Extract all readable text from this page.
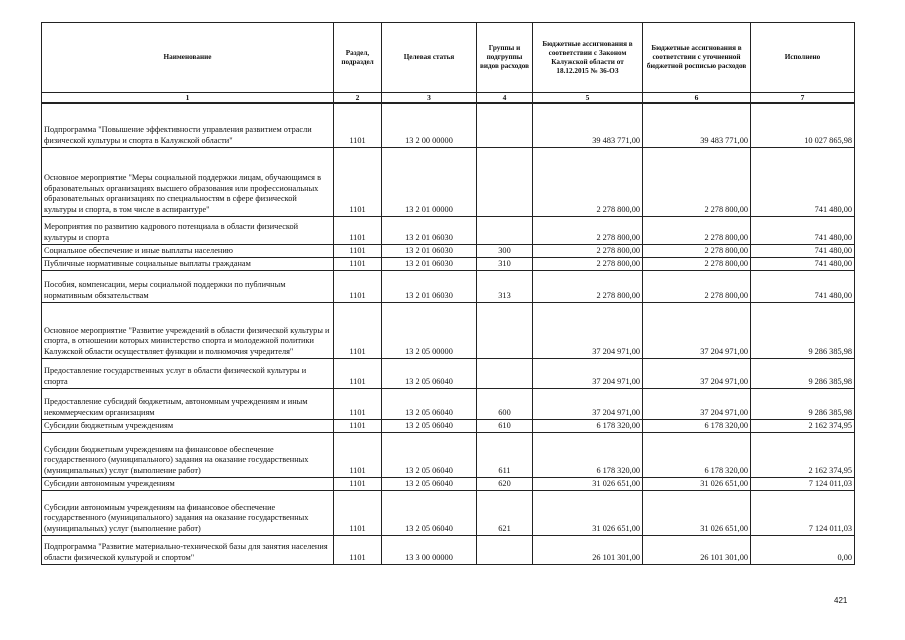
Наименование	Раздел, подраздел	Целевая статья	Группы и подгруппы видов расходов	Бюджетные ассигнования в соответствии с Законом Калужской области от 18.12.2015 № 36-ОЗ	Бюджетные ассигнования в соответствии с уточненной бюджетной росписью расходов	Исполнено
1	2	3	4	5	6	7
Подпрограмма "Повышение эффективности управления развитием отрасли физической культуры и спорта в Калужской области"	1101	13 2 00 00000		39 483 771,00	39 483 771,00	10 027 865,98
Основное мероприятие "Меры социальной поддержки лицам, обучающимся в образовательных организациях высшего образования или профессиональных образовательных организациях по специальностям в сфере физической культуры и спорта, в том числе в аспирантуре"	1101	13 2 01 00000		2 278 800,00	2 278 800,00	741 480,00
Мероприятия по развитию кадрового потенциала в области физической культуры и спорта	1101	13 2 01 06030		2 278 800,00	2 278 800,00	741 480,00
Социальное обеспечение и иные выплаты населению	1101	13 2 01 06030	300	2 278 800,00	2 278 800,00	741 480,00
Публичные нормативные социальные выплаты гражданам	1101	13 2 01 06030	310	2 278 800,00	2 278 800,00	741 480,00
Пособия, компенсации, меры социальной поддержки по публичным нормативным обязательствам	1101	13 2 01 06030	313	2 278 800,00	2 278 800,00	741 480,00
Основное мероприятие "Развитие учреждений в области физической культуры и спорта, в отношении которых министерство спорта и молодежной политики Калужской области осуществляет функции и полномочия учредителя"	1101	13 2 05 00000		37 204 971,00	37 204 971,00	9 286 385,98
Предоставление государственных услуг в области физической культуры и спорта	1101	13 2 05 06040		37 204 971,00	37 204 971,00	9 286 385,98
Предоставление субсидий бюджетным, автономным учреждениям и иным некоммерческим организациям	1101	13 2 05 06040	600	37 204 971,00	37 204 971,00	9 286 385,98
Субсидии бюджетным учреждениям	1101	13 2 05 06040	610	6 178 320,00	6 178 320,00	2 162 374,95
Субсидии бюджетным учреждениям на финансовое обеспечение государственного (муниципального) задания на оказание государственных (муниципальных) услуг (выполнение работ)	1101	13 2 05 06040	611	6 178 320,00	6 178 320,00	2 162 374,95
Субсидии автономным учреждениям	1101	13 2 05 06040	620	31 026 651,00	31 026 651,00	7 124 011,03
Субсидии автономным учреждениям на финансовое обеспечение государственного (муниципального) задания на оказание государственных (муниципальных) услуг (выполнение работ)	1101	13 2 05 06040	621	31 026 651,00	31 026 651,00	7 124 011,03
Подпрограмма "Развитие материально-технической базы для занятия населения области физической культурой и спортом"	1101	13 3 00 00000		26 101 301,00	26 101 301,00	0,00
421
